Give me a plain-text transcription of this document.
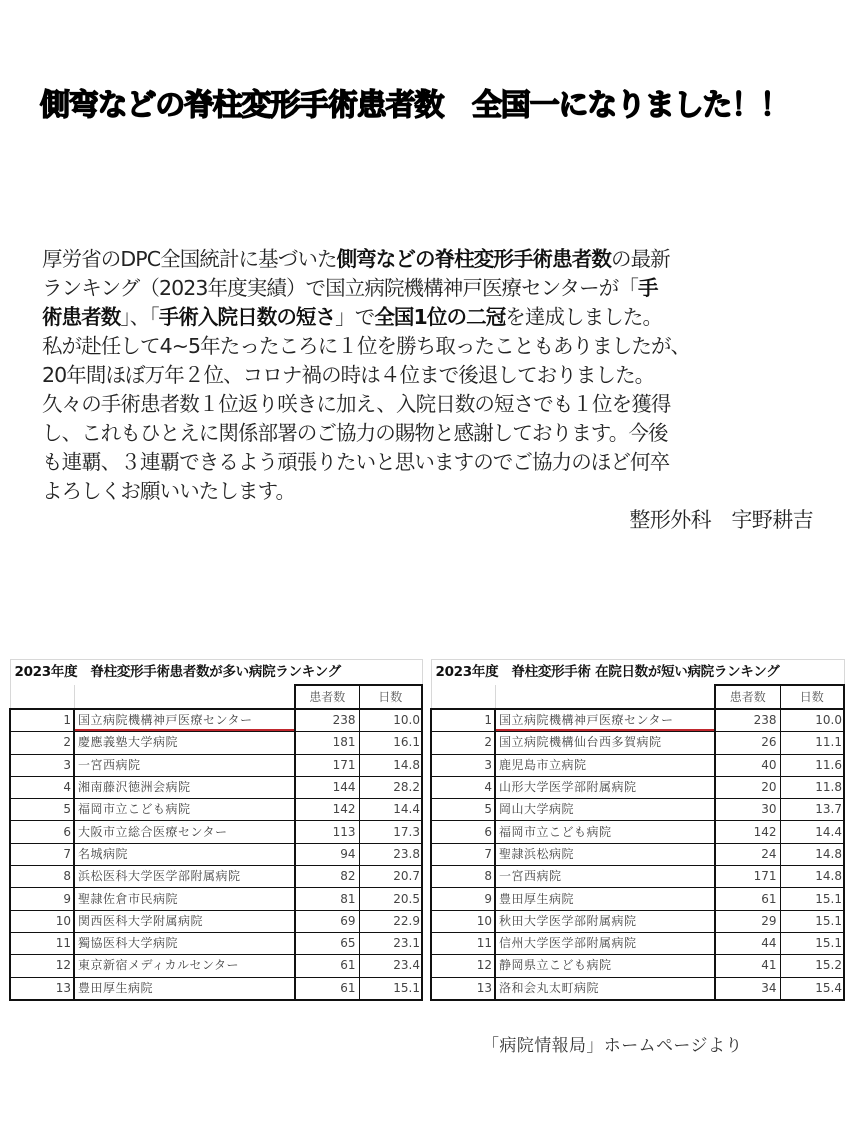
側弯などの脊柱変形手術患者数　全国一になりました！！

厚労省のDPC全国統計に基づいた側弯などの脊柱変形手術患者数の最新

ランキング（2023年度実績）で国立病院機構神戸医療センターが「手

術患者数」、「手術入院日数の短さ」で全国1位の二冠を達成しました。

私が赴任して4~5年たったころに１位を勝ち取ったこともありましたが、

20年間ほぼ万年２位、コロナ禍の時は４位まで後退しておりました。

久々の手術患者数１位返り咲きに加え、入院日数の短さでも１位を獲得

し、これもひとえに関係部署のご協力の賜物と感謝しております。今後

も連覇、３連覇できるよう頑張りたいと思いますのでご協力のほど何卒

よろしくお願いいたします。

整形外科　宇野耕吉
2023年度　脊柱変形手術患者数が多い病院ランキング			
		患者数	日数
1	国立病院機構神戸医療センター	238	10.0
2	慶應義塾大学病院	181	16.1
3	一宮西病院	171	14.8
4	湘南藤沢徳洲会病院	144	28.2
5	福岡市立こども病院	142	14.4
6	大阪市立総合医療センター	113	17.3
7	名城病院	94	23.8
8	浜松医科大学医学部附属病院	82	20.7
9	聖隷佐倉市民病院	81	20.5
10	関西医科大学附属病院	69	22.9
11	獨協医科大学病院	65	23.1
12	東京新宿メディカルセンター	61	23.4
13	豊田厚生病院	61	15.1
2023年度　脊柱変形手術 在院日数が短い病院ランキング			
		患者数	日数
1	国立病院機構神戸医療センター	238	10.0
2	国立病院機構仙台西多賀病院	26	11.1
3	鹿児島市立病院	40	11.6
4	山形大学医学部附属病院	20	11.8
5	岡山大学病院	30	13.7
6	福岡市立こども病院	142	14.4
7	聖隷浜松病院	24	14.8
8	一宮西病院	171	14.8
9	豊田厚生病院	61	15.1
10	秋田大学医学部附属病院	29	15.1
11	信州大学医学部附属病院	44	15.1
12	静岡県立こども病院	41	15.2
13	洛和会丸太町病院	34	15.4
「病院情報局」ホームページより
